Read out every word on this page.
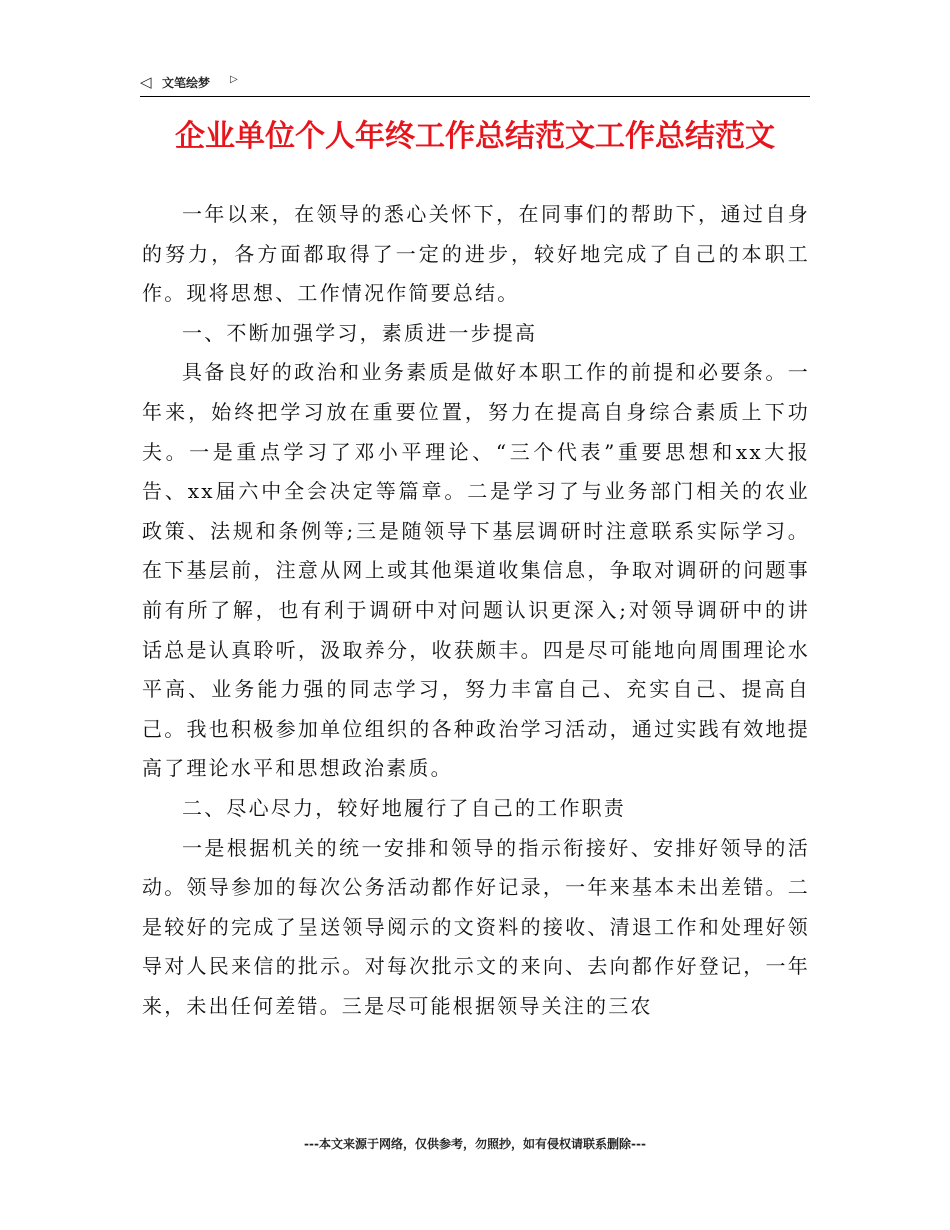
◁ 文笔绘梦 ▷
企业单位个人年终工作总结范文工作总结范文

一年以来，在领导的悉心关怀下，在同事们的帮助下，通过自身的努力，各方面都取得了一定的进步，较好地完成了自己的本职工作。现将思想、工作情况作简要总结。

一、不断加强学习，素质进一步提高

具备良好的政治和业务素质是做好本职工作的前提和必要条。一年来，始终把学习放在重要位置，努力在提高自身综合素质上下功夫。一是重点学习了邓小平理论、“三个代表”重要思想和xx大报告、xx届六中全会决定等篇章。二是学习了与业务部门相关的农业政策、法规和条例等;三是随领导下基层调研时注意联系实际学习。在下基层前，注意从网上或其他渠道收集信息，争取对调研的问题事前有所了解，也有利于调研中对问题认识更深入;对领导调研中的讲话总是认真聆听，汲取养分，收获颇丰。四是尽可能地向周围理论水平高、业务能力强的同志学习，努力丰富自己、充实自己、提高自己。我也积极参加单位组织的各种政治学习活动，通过实践有效地提高了理论水平和思想政治素质。

二、尽心尽力，较好地履行了自己的工作职责

一是根据机关的统一安排和领导的指示衔接好、安排好领导的活动。领导参加的每次公务活动都作好记录，一年来基本未出差错。二是较好的完成了呈送领导阅示的文资料的接收、清退工作和处理好领导对人民来信的批示。对每次批示文的来向、去向都作好登记，一年来，未出任何差错。三是尽可能根据领导关注的三农

---本文来源于网络，仅供参考，勿照抄，如有侵权请联系删除---
